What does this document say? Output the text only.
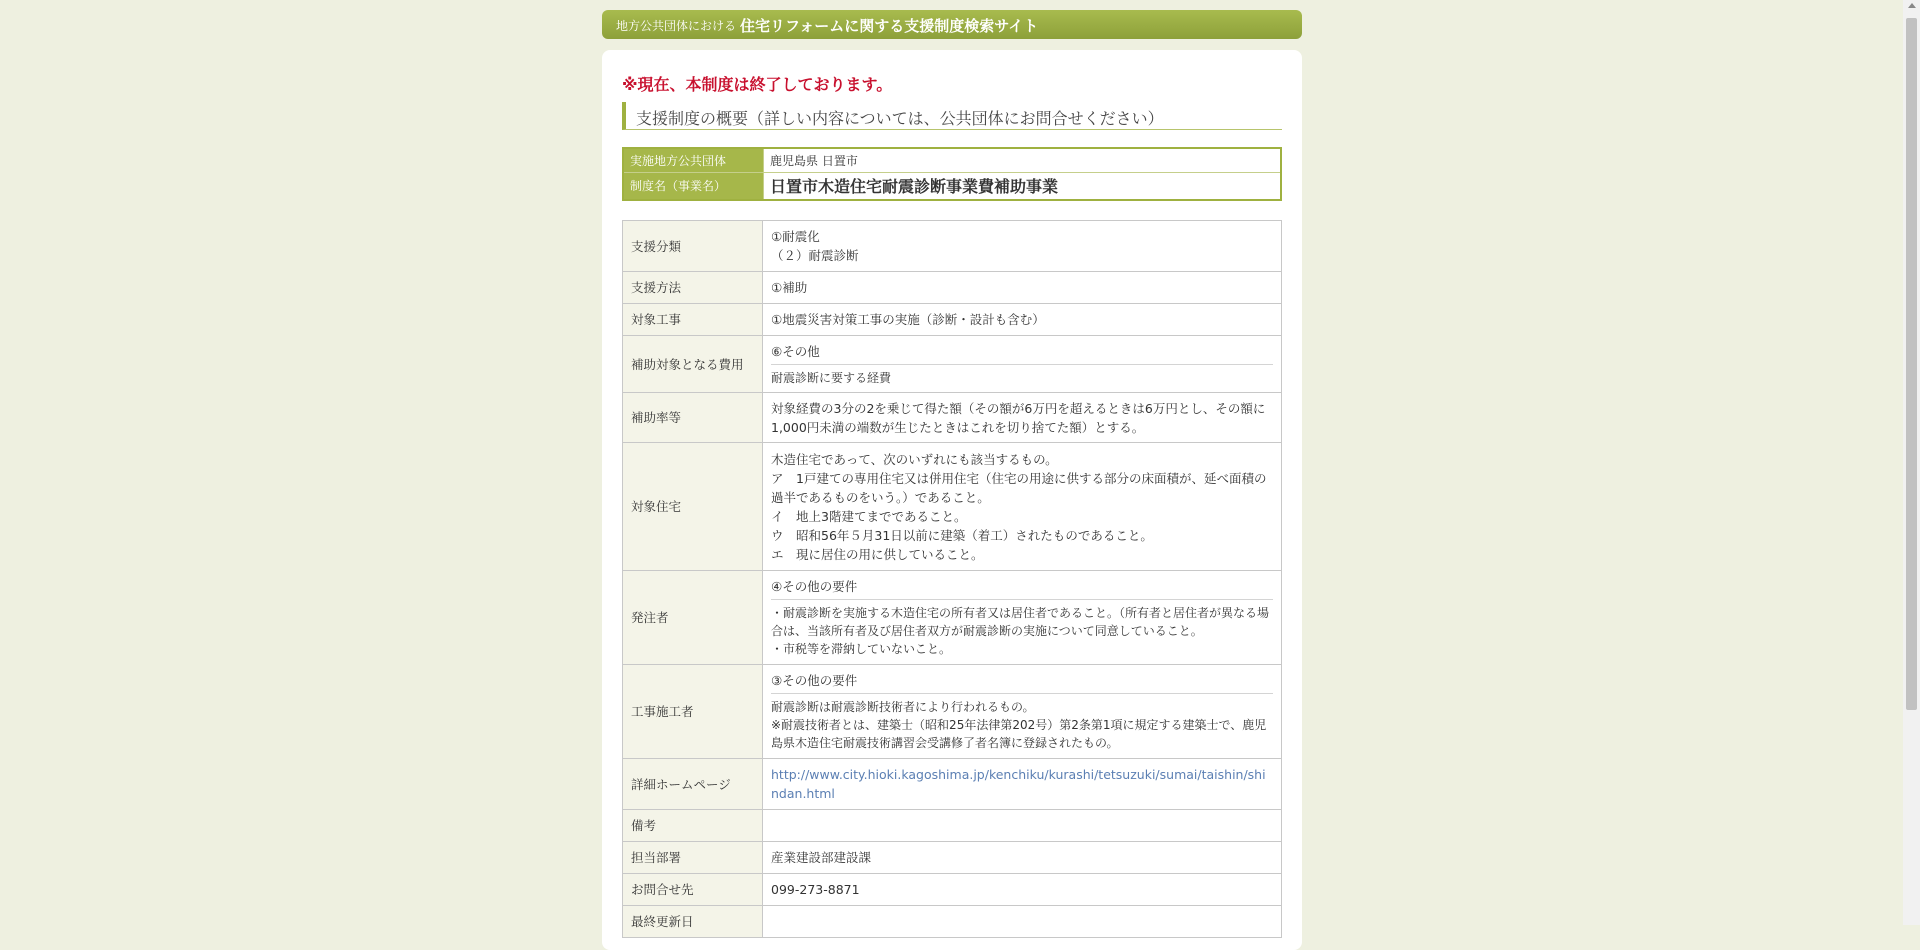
地方公共団体における 住宅リフォームに関する支援制度検索サイト
※現在、本制度は終了しております。
支援制度の概要（詳しい内容については、公共団体にお問合せください）
実施地方公共団体	鹿児島県 日置市
制度名（事業名）	日置市木造住宅耐震診断事業費補助事業
支援分類	①耐震化
（２）耐震診断

支援方法	①補助
対象工事	①地震災害対策工事の実施（診断・設計も含む）
補助対象となる費用	⑥その他
耐震診断に要する経費

補助率等	対象経費の3分の2を乗じて得た額（その額が6万円を超えるときは6万円とし、その額に1,000円未満の端数が生じたときはこれを切り捨てた額）とする。
対象住宅	木造住宅であって、次のいずれにも該当するもの。
ア　1戸建ての専用住宅又は併用住宅（住宅の用途に供する部分の床面積が、延べ面積の過半であるものをいう。）であること。
イ　地上3階建てまでであること。
ウ　昭和56年５月31日以前に建築（着工）されたものであること。
エ　現に居住の用に供していること。

発注者	④その他の要件
・耐震診断を実施する木造住宅の所有者又は居住者であること。（所有者と居住者が異なる場合は、当該所有者及び居住者双方が耐震診断の実施について同意していること。
・市税等を滞納していないこと。

工事施工者	③その他の要件
耐震診断は耐震診断技術者により行われるもの。
※耐震技術者とは、建築士（昭和25年法律第202号）第2条第1項に規定する建築士で、鹿児島県木造住宅耐震技術講習会受講修了者名簿に登録されたもの。

詳細ホームページ	http://www.city.hioki.kagoshima.jp/kenchiku/kurashi/tetsuzuki/sumai/taishin/shindan.html
備考	
担当部署	産業建設部建設課
お問合せ先	099-273-8871
最終更新日	
